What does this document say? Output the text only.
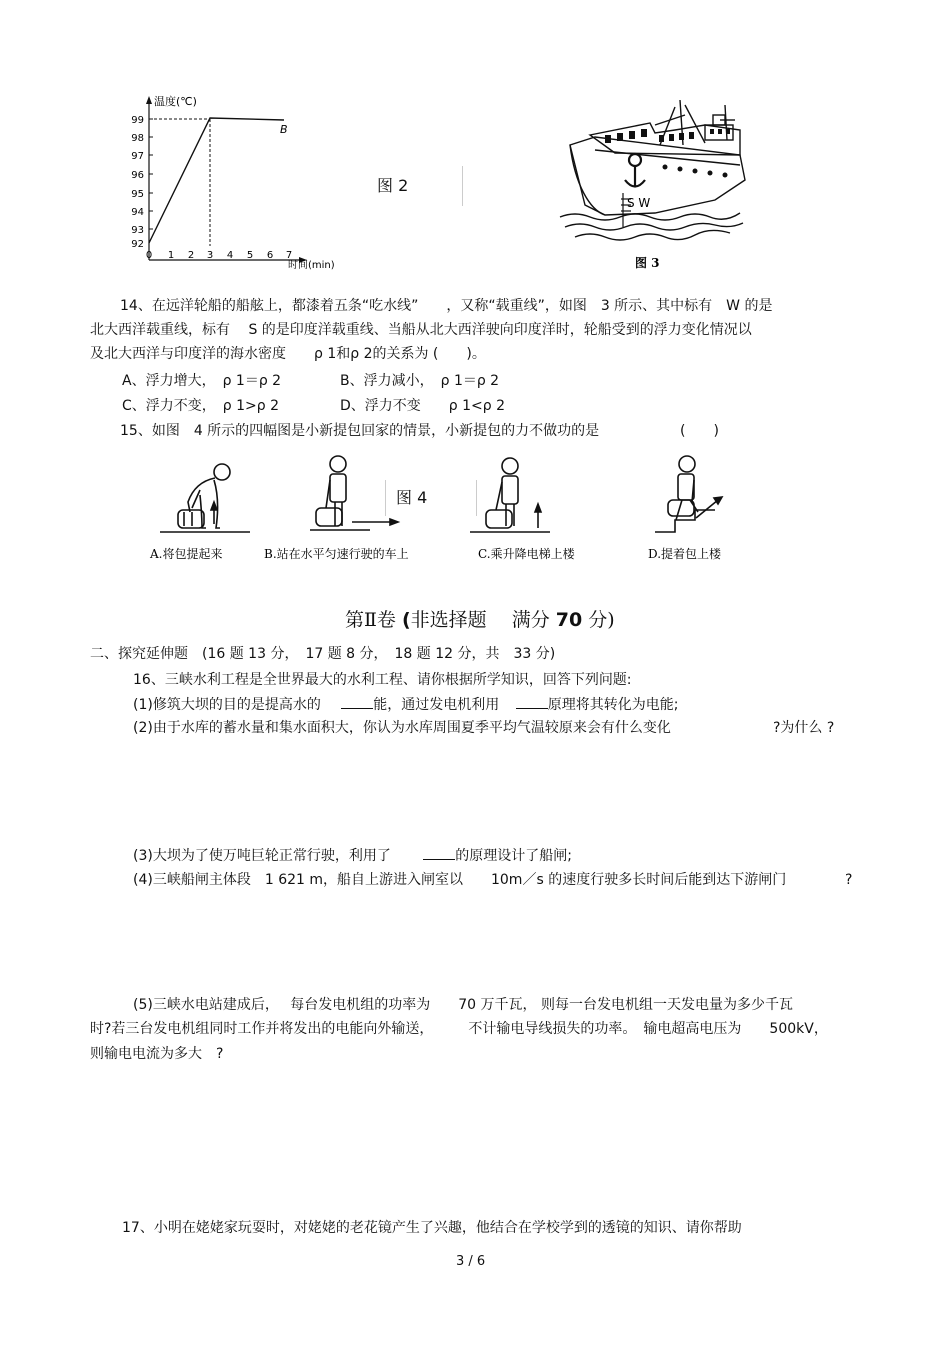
99
98
97
96
95
94
93
92
0 1 2 3 4 5 6 7
温度(℃)
时间(min)
B
图 2
S W
图 3
14、在远洋轮船的船舷上，都漆着五条“吃水线”　　，又称“载重线”，如图　3 所示、其中标有　W 的是
北大西洋载重线，标有　 S 的是印度洋载重线、当船从北大西洋驶向印度洋时，轮船受到的浮力变化情况以
及北大西洋与印度洋的海水密度　　ρ 1和ρ 2的关系为 (　　)。
A、浮力增大，　ρ 1＝ρ 2	B、浮力减小，　ρ 1＝ρ 2
C、浮力不变，　ρ 1>ρ 2	D、浮力不变　　ρ 1<ρ 2
15、如图　4 所示的四幅图是小新提包回家的情景，小新提包的力不做功的是	(　　)
A.将包提起来	B.站在水平匀速行驶的车上	C.乘升降电梯上楼	D.提着包上楼
图 4
第Ⅱ卷 (非选择题　 满分 70 分)
二、探究延伸题　(16 题 13 分，　17 题 8 分，　18 题 12 分，共　33 分)
16、三峡水利工程是全世界最大的水利工程、请你根据所学知识，回答下列问题:
(1)修筑大坝的目的是提高水的	能，通过发电机利用	原理将其转化为电能;
(2)由于水库的蓄水量和集水面积大，你认为水库周围夏季平均气温较原来会有什么变化	?为什么 ?
(3)大坝为了使万吨巨轮正常行驶，利用了	的原理设计了船闸;
(4)三峡船闸主体段　1 621 m，船自上游进入闸室以　　10m／s 的速度行驶多长时间后能到达下游闸门	?
(5)三峡水电站建成后，　 每台发电机组的功率为　　70 万千瓦， 则每一台发电机组一天发电量为多少千瓦
时?若三台发电机组同时工作并将发出的电能向外输送，　　　不计输电导线损失的功率。　输电超高电压为　　500kV，
则输电电流为多大　?
17、小明在姥姥家玩耍时，对姥姥的老花镜产生了兴趣，他结合在学校学到的透镜的知识、请你帮助
3 / 6
